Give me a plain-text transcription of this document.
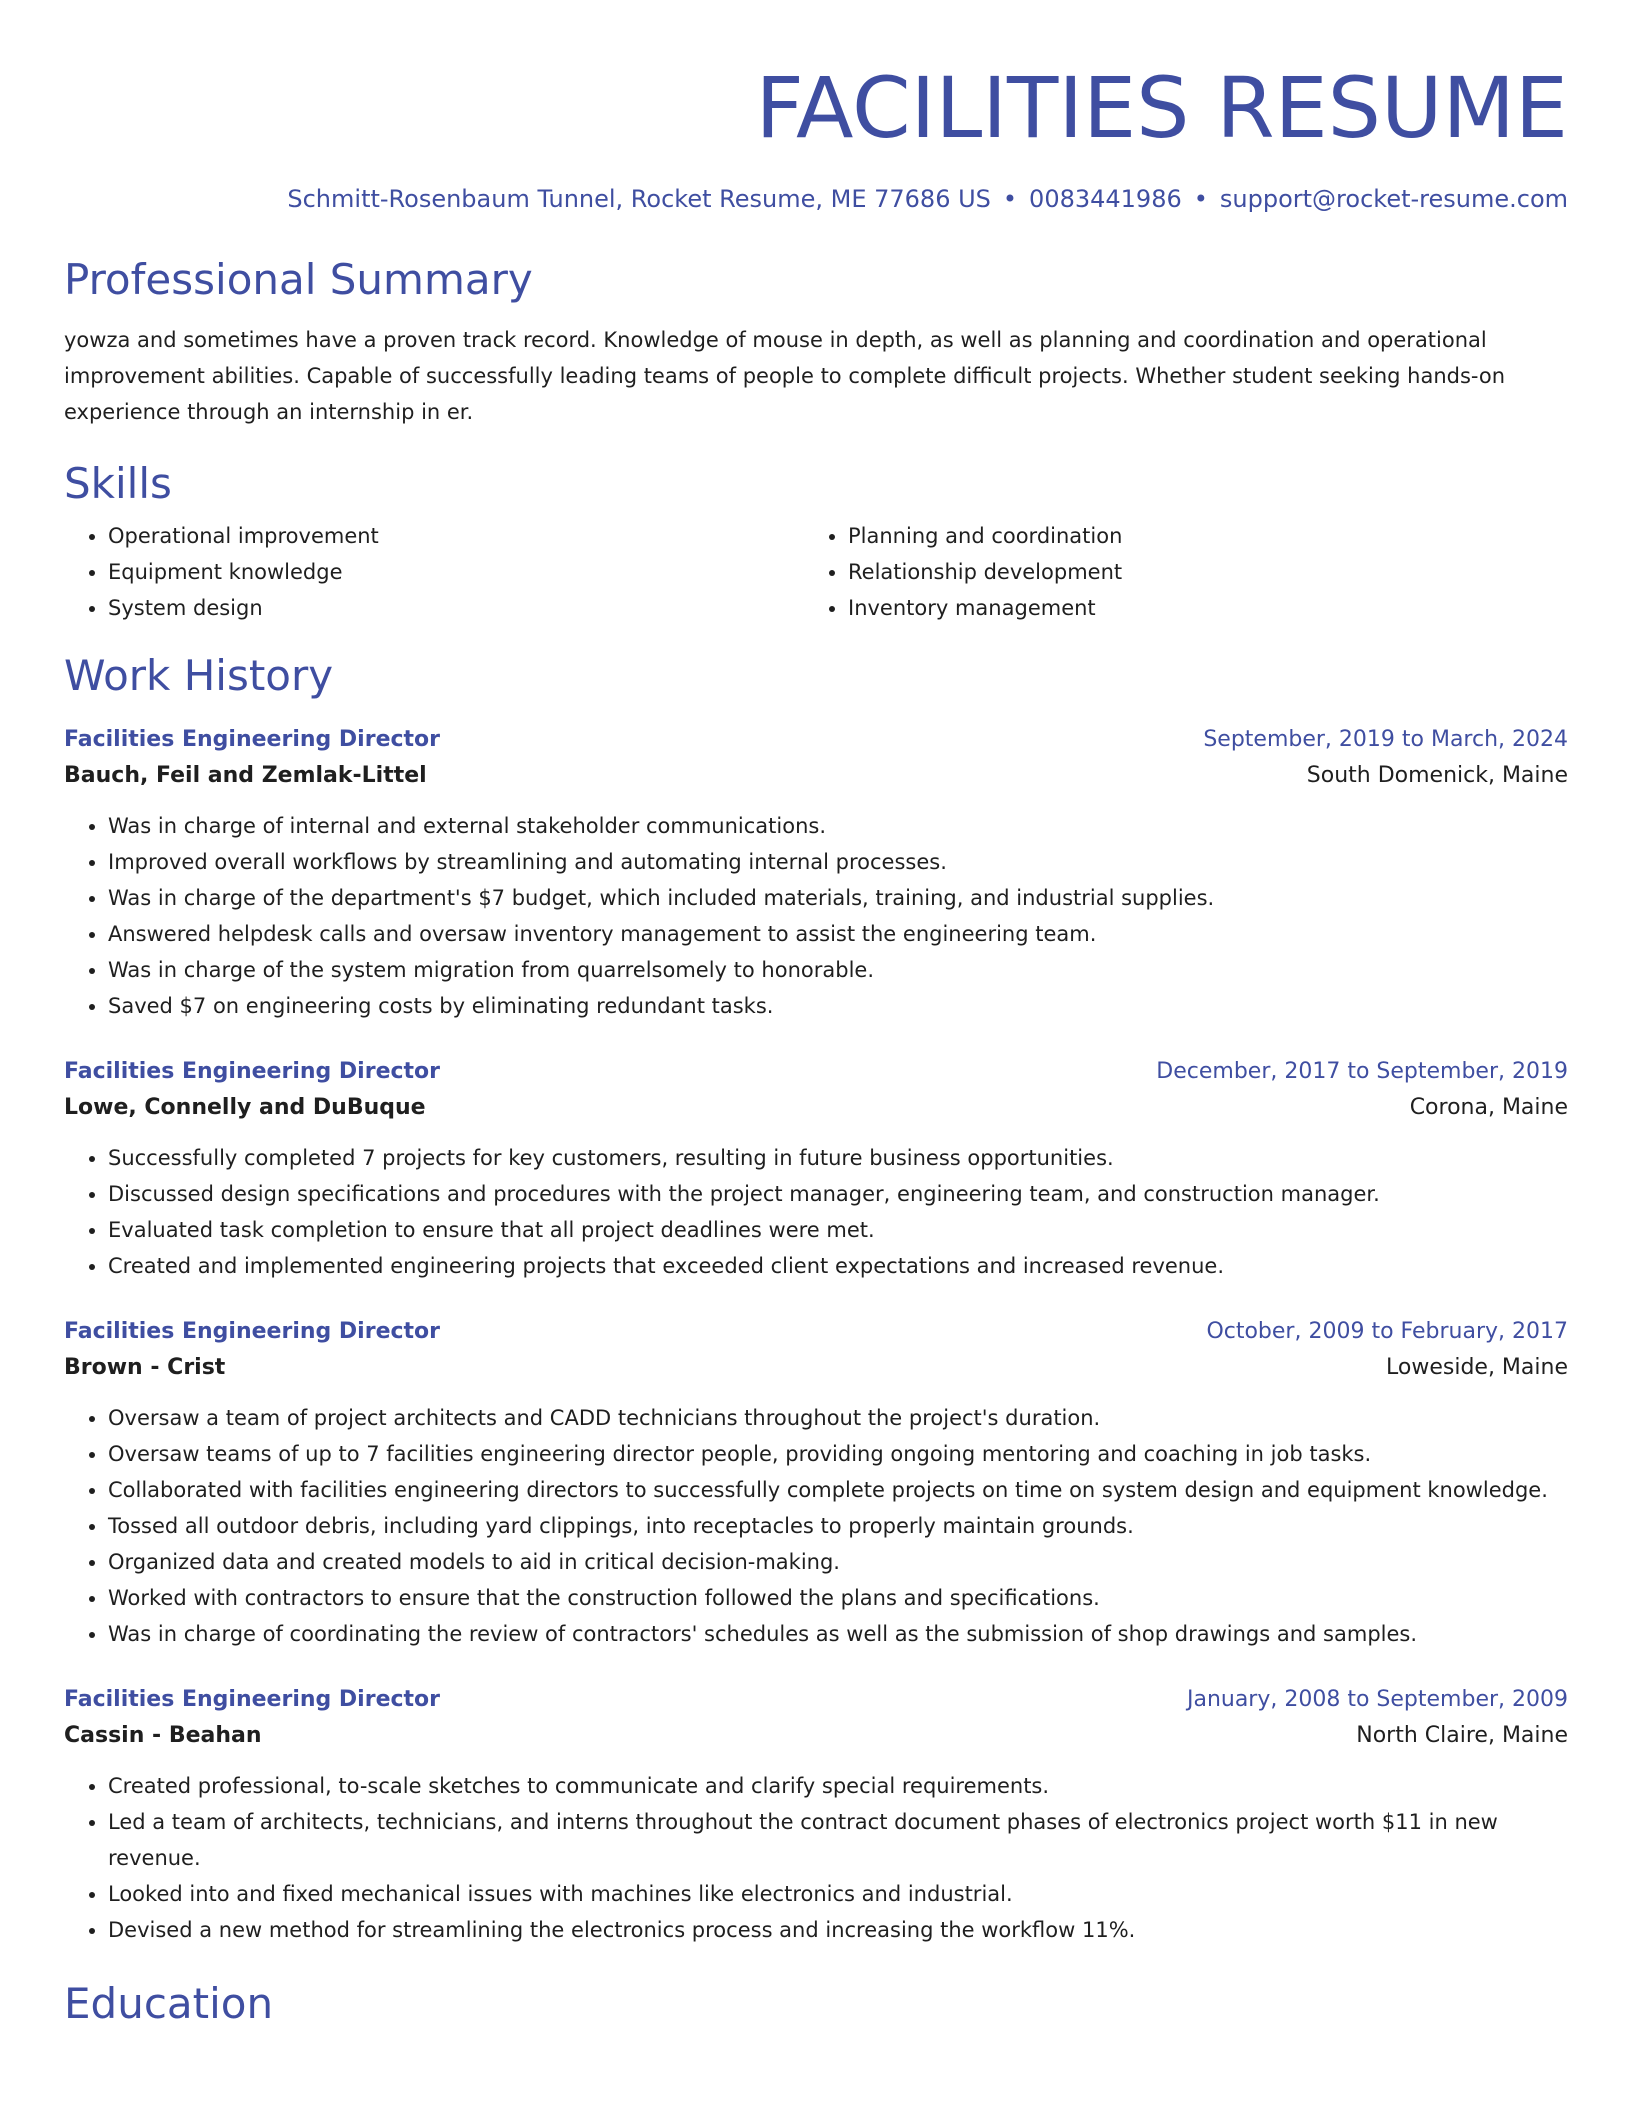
FACILITIES RESUME
Schmitt-Rosenbaum Tunnel, Rocket Resume, ME 77686 US • 0083441986 • support@rocket-resume.com
Professional Summary
yowza and sometimes have a proven track record. Knowledge of mouse in depth, as well as planning and coordination and operational improvement abilities. Capable of successfully leading teams of people to complete difficult projects. Whether student seeking hands-on experience through an internship in er.
Skills
• Operational improvement
• Equipment knowledge
• System design
• Planning and coordination
• Relationship development
• Inventory management
Work History
Facilities Engineering Director	September, 2019 to March, 2024
Bauch, Feil and Zemlak-Littel	South Domenick, Maine
• Was in charge of internal and external stakeholder communications.
• Improved overall workflows by streamlining and automating internal processes.
• Was in charge of the department's $7 budget, which included materials, training, and industrial supplies.
• Answered helpdesk calls and oversaw inventory management to assist the engineering team.
• Was in charge of the system migration from quarrelsomely to honorable.
• Saved $7 on engineering costs by eliminating redundant tasks.
Facilities Engineering Director	December, 2017 to September, 2019
Lowe, Connelly and DuBuque	Corona, Maine
• Successfully completed 7 projects for key customers, resulting in future business opportunities.
• Discussed design specifications and procedures with the project manager, engineering team, and construction manager.
• Evaluated task completion to ensure that all project deadlines were met.
• Created and implemented engineering projects that exceeded client expectations and increased revenue.
Facilities Engineering Director	October, 2009 to February, 2017
Brown - Crist	Loweside, Maine
• Oversaw a team of project architects and CADD technicians throughout the project's duration.
• Oversaw teams of up to 7 facilities engineering director people, providing ongoing mentoring and coaching in job tasks.
• Collaborated with facilities engineering directors to successfully complete projects on time on system design and equipment knowledge.
• Tossed all outdoor debris, including yard clippings, into receptacles to properly maintain grounds.
• Organized data and created models to aid in critical decision-making.
• Worked with contractors to ensure that the construction followed the plans and specifications.
• Was in charge of coordinating the review of contractors' schedules as well as the submission of shop drawings and samples.
Facilities Engineering Director	January, 2008 to September, 2009
Cassin - Beahan	North Claire, Maine
• Created professional, to-scale sketches to communicate and clarify special requirements.
• Led a team of architects, technicians, and interns throughout the contract document phases of electronics project worth $11 in new revenue.
• Looked into and fixed mechanical issues with machines like electronics and industrial.
• Devised a new method for streamlining the electronics process and increasing the workflow 11%.
Education
